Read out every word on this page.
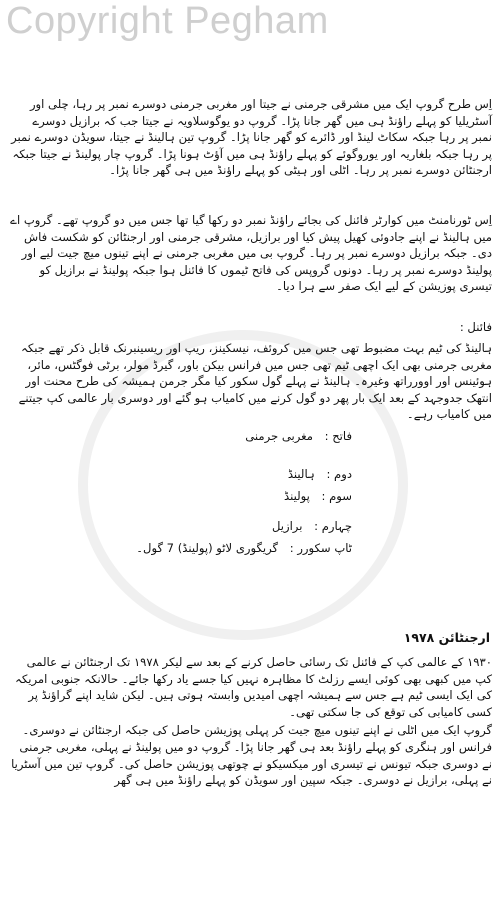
Copyright Pegham

اِس طرح گروپ ایک میں مشرقی جرمنی نے جیتا اور مغربی جرمنی دوسرے نمبر پر رہا، چلی اور آسٹریلیا کو پہلے راؤنڈ ہی میں گھر جانا پڑا۔ گروپ دو یوگوسلاویہ نے جیتا جب کہ برازیل دوسرے نمبر پر رہا جبکہ سکاٹ لینڈ اور ڈائرے کو گھر جانا پڑا۔ گروپ تین ہالینڈ نے جیتا، سویڈن دوسرے نمبر پر رہا جبکہ بلغاریہ اور یوروگوئے کو پہلے راؤنڈ ہی میں آؤٹ ہونا پڑا۔ گروپ چار پولینڈ نے جیتا جبکہ ارجنٹائن دوسرے نمبر پر رہا۔ اٹلی اور ہیٹی کو پہلے راؤنڈ میں ہی گھر جانا پڑا۔

اِس ٹورنامنٹ میں کوارٹر فائنل کی بجائے راؤنڈ نمبر دو رکھا گیا تھا جس میں دو گروپ تھے۔ گروپ اے میں ہالینڈ نے اپنے جادوئی کھیل پیش کیا اور برازیل، مشرقی جرمنی اور ارجنٹائن کو شکست فاش دی۔ جبکہ برازیل دوسرے نمبر پر رہا۔ گروپ بی میں مغربی جرمنی نے اپنے تینوں میچ جیت لیے اور پولینڈ دوسرے نمبر پر رہا۔ دونوں گروپس کی فاتح ٹیموں کا فائنل ہوا جبکہ پولینڈ نے برازیل کو تیسری پوزیشن کے لیے ایک صفر سے ہرا دیا۔

فائنل :

ہالینڈ کی ٹیم بہت مضبوط تھی جس میں کروئف، نیسکینز، ریپ اور ریسینبرنک قابل ذکر تھے جبکہ مغربی جرمنی بھی ایک اچھی ٹیم تھی جس میں فرانس بیکن باور، گیرڈ مولر، برٹی فوگٹس، مائر، ہوئینس اور اوورراتھ وغیرہ۔ ہالینڈ نے پہلے گول سکور کیا مگر جرمن ہمیشہ کی طرح محنت اور انتھک جدوجہد کے بعد ایک بار پھر دو گول کرنے میں کامیاب ہو گئے اور دوسری بار عالمی کپ جیتنے میں کامیاب رہے۔

فاتح : مغربی جرمنی
دوم : ہالینڈ
سوم : پولینڈ
چہارم : برازیل
ٹاپ سکورر : گریگوری لاٹو (پولینڈ) 7 گول۔
ارجنٹائن ۱۹۷۸

۱۹۳۰ کے عالمی کپ کے فائنل تک رسائی حاصل کرنے کے بعد سے لیکر ۱۹۷۸ تک ارجنٹائن نے عالمی کپ میں کبھی بھی کوئی ایسے رزلٹ کا مظاہرہ نہیں کیا جسے یاد رکھا جائے۔ حالانکہ جنوبی امریکہ کی ایک ایسی ٹیم ہے جس سے ہمیشہ اچھی امیدیں وابستہ ہوتی ہیں۔ لیکن شاید اپنے گراؤنڈ پر کسی کامیابی کی توقع کی جا سکتی تھی۔

گروپ ایک میں اٹلی نے اپنے تینوں میچ جیت کر پہلی پوزیشن حاصل کی جبکہ ارجنٹائن نے دوسری۔ فرانس اور ہنگری کو پہلے راؤنڈ بعد ہی گھر جانا پڑا۔ گروپ دو میں پولینڈ نے پہلی، مغربی جرمنی نے دوسری جبکہ تیونس نے تیسری اور میکسیکو نے چوتھی پوزیشن حاصل کی۔ گروپ تین میں آسٹریا نے پہلی، برازیل نے دوسری۔ جبکہ سپین اور سویڈن کو پہلے راؤنڈ میں ہی گھر
